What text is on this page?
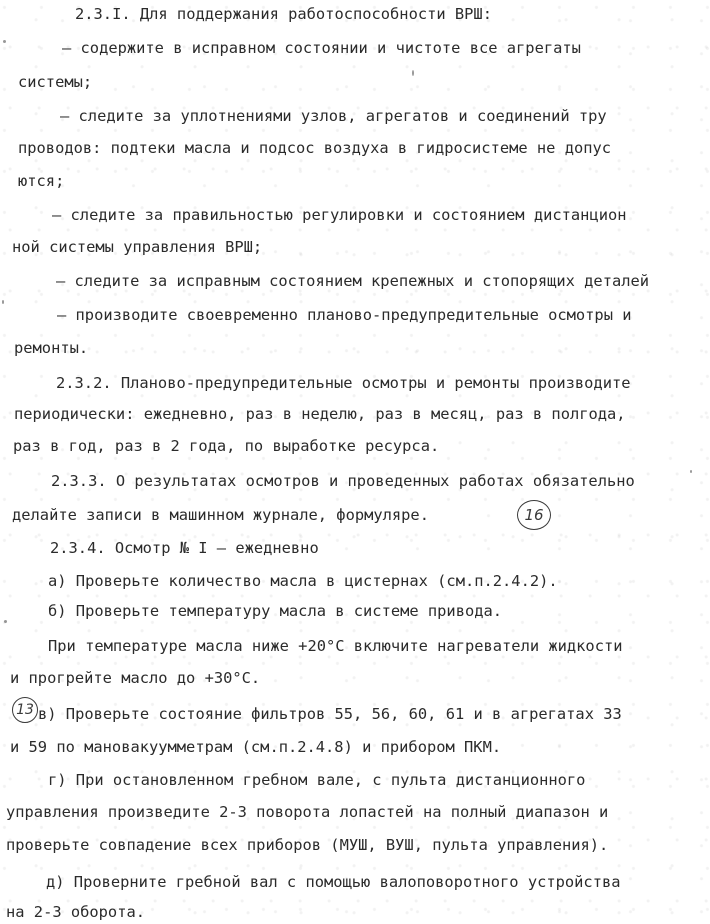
2.3.I. Для поддержания работоспособности ВРШ:
– содержите в исправном состоянии и чистоте все агрегаты
системы;
– следите за уплотнениями узлов, агрегатов и соединений тру
проводов: подтеки масла и подсос воздуха в гидросистеме не допус
ются;
– следите за правильностью регулировки и состоянием дистанцион
ной системы управления ВРШ;
– следите за исправным состоянием крепежных и стопорящих деталей
– производите своевременно планово-предупредительные осмотры и
ремонты.
2.3.2. Планово-предупредительные осмотры и ремонты производите
периодически: ежедневно, раз в неделю, раз в месяц, раз в полгода,
раз в год, раз в 2 года, по выработке ресурса.
2.3.3. О результатах осмотров и проведенных работах обязательно
делайте записи в машинном журнале, формуляре.
2.3.4. Осмотр № I – ежедневно
а) Проверьте количество масла в цистернах (см.п.2.4.2).
б) Проверьте температуру масла в системе привода.
При температуре масла ниже +20°С включите нагреватели жидкости
и прогрейте масло до +30°С.
в) Проверьте состояние фильтров 55, 56, 60, 61 и в агрегатах 33
и 59 по мановакуумметрам (см.п.2.4.8) и прибором ПКМ.
г) При остановленном гребном вале, с пульта дистанционного
управления произведите 2-3 поворота лопастей на полный диапазон и
проверьте совпадение всех приборов (МУШ, ВУШ, пульта управления).
д) Проверните гребной вал с помощью валоповоротного устройства
на 2-3 оборота.
16
13
